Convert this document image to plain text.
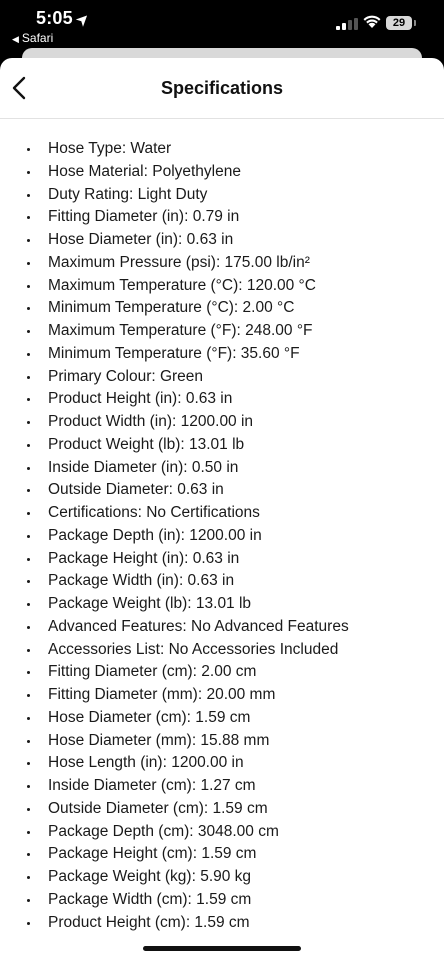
5:05➤
◀ Safari
29
Specifications
Hose Type: Water
Hose Material: Polyethylene
Duty Rating: Light Duty
Fitting Diameter (in): 0.79 in
Hose Diameter (in): 0.63 in
Maximum Pressure (psi): 175.00 lb/in²
Maximum Temperature (°C): 120.00 °C
Minimum Temperature (°C): 2.00 °C
Maximum Temperature (°F): 248.00 °F
Minimum Temperature (°F): 35.60 °F
Primary Colour: Green
Product Height (in): 0.63 in
Product Width (in): 1200.00 in
Product Weight (lb): 13.01 lb
Inside Diameter (in): 0.50 in
Outside Diameter: 0.63 in
Certifications: No Certifications
Package Depth (in): 1200.00 in
Package Height (in): 0.63 in
Package Width (in): 0.63 in
Package Weight (lb): 13.01 lb
Advanced Features: No Advanced Features
Accessories List: No Accessories Included
Fitting Diameter (cm): 2.00 cm
Fitting Diameter (mm): 20.00 mm
Hose Diameter (cm): 1.59 cm
Hose Diameter (mm): 15.88 mm
Hose Length (in): 1200.00 in
Inside Diameter (cm): 1.27 cm
Outside Diameter (cm): 1.59 cm
Package Depth (cm): 3048.00 cm
Package Height (cm): 1.59 cm
Package Weight (kg): 5.90 kg
Package Width (cm): 1.59 cm
Product Height (cm): 1.59 cm
